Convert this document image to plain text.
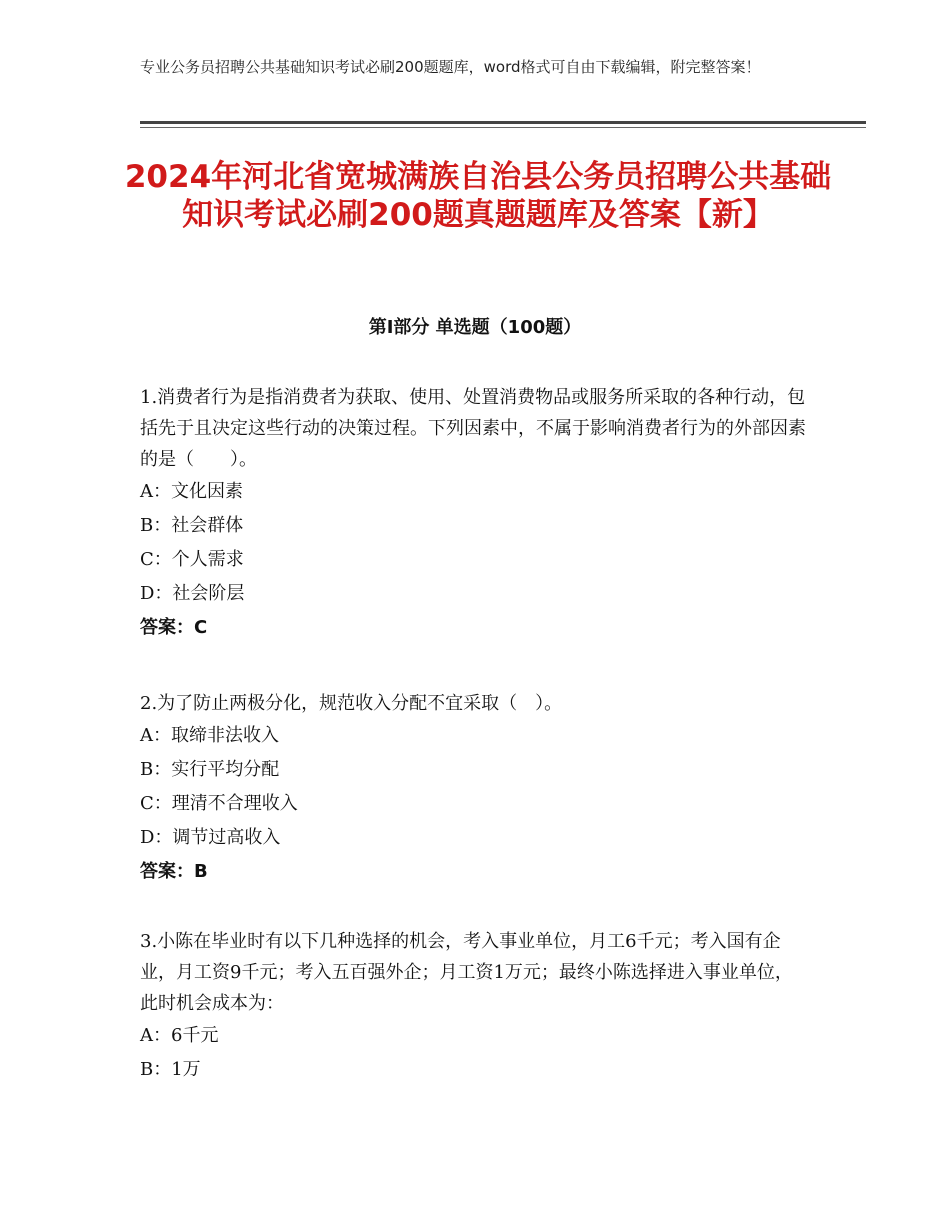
专业公务员招聘公共基础知识考试必刷200题题库，word格式可自由下载编辑，附完整答案！
2024年河北省宽城满族自治县公务员招聘公共基础知识考试必刷200题真题题库及答案【新】
第Ⅰ部分 单选题（100题）

1.消费者行为是指消费者为获取、使用、处置消费物品或服务所采取的各种行动，包括先于且决定这些行动的决策过程。下列因素中，不属于影响消费者行为的外部因素的是（　　）。

A：文化因素

B：社会群体

C：个人需求

D：社会阶层

答案：C

2.为了防止两极分化，规范收入分配不宜采取（　）。

A：取缔非法收入

B：实行平均分配

C：理清不合理收入

D：调节过高收入

答案：B

3.小陈在毕业时有以下几种选择的机会，考入事业单位，月工6千元；考入国有企业，月工资9千元；考入五百强外企；月工资1万元；最终小陈选择进入事业单位，此时机会成本为：

A：6千元

B：1万
